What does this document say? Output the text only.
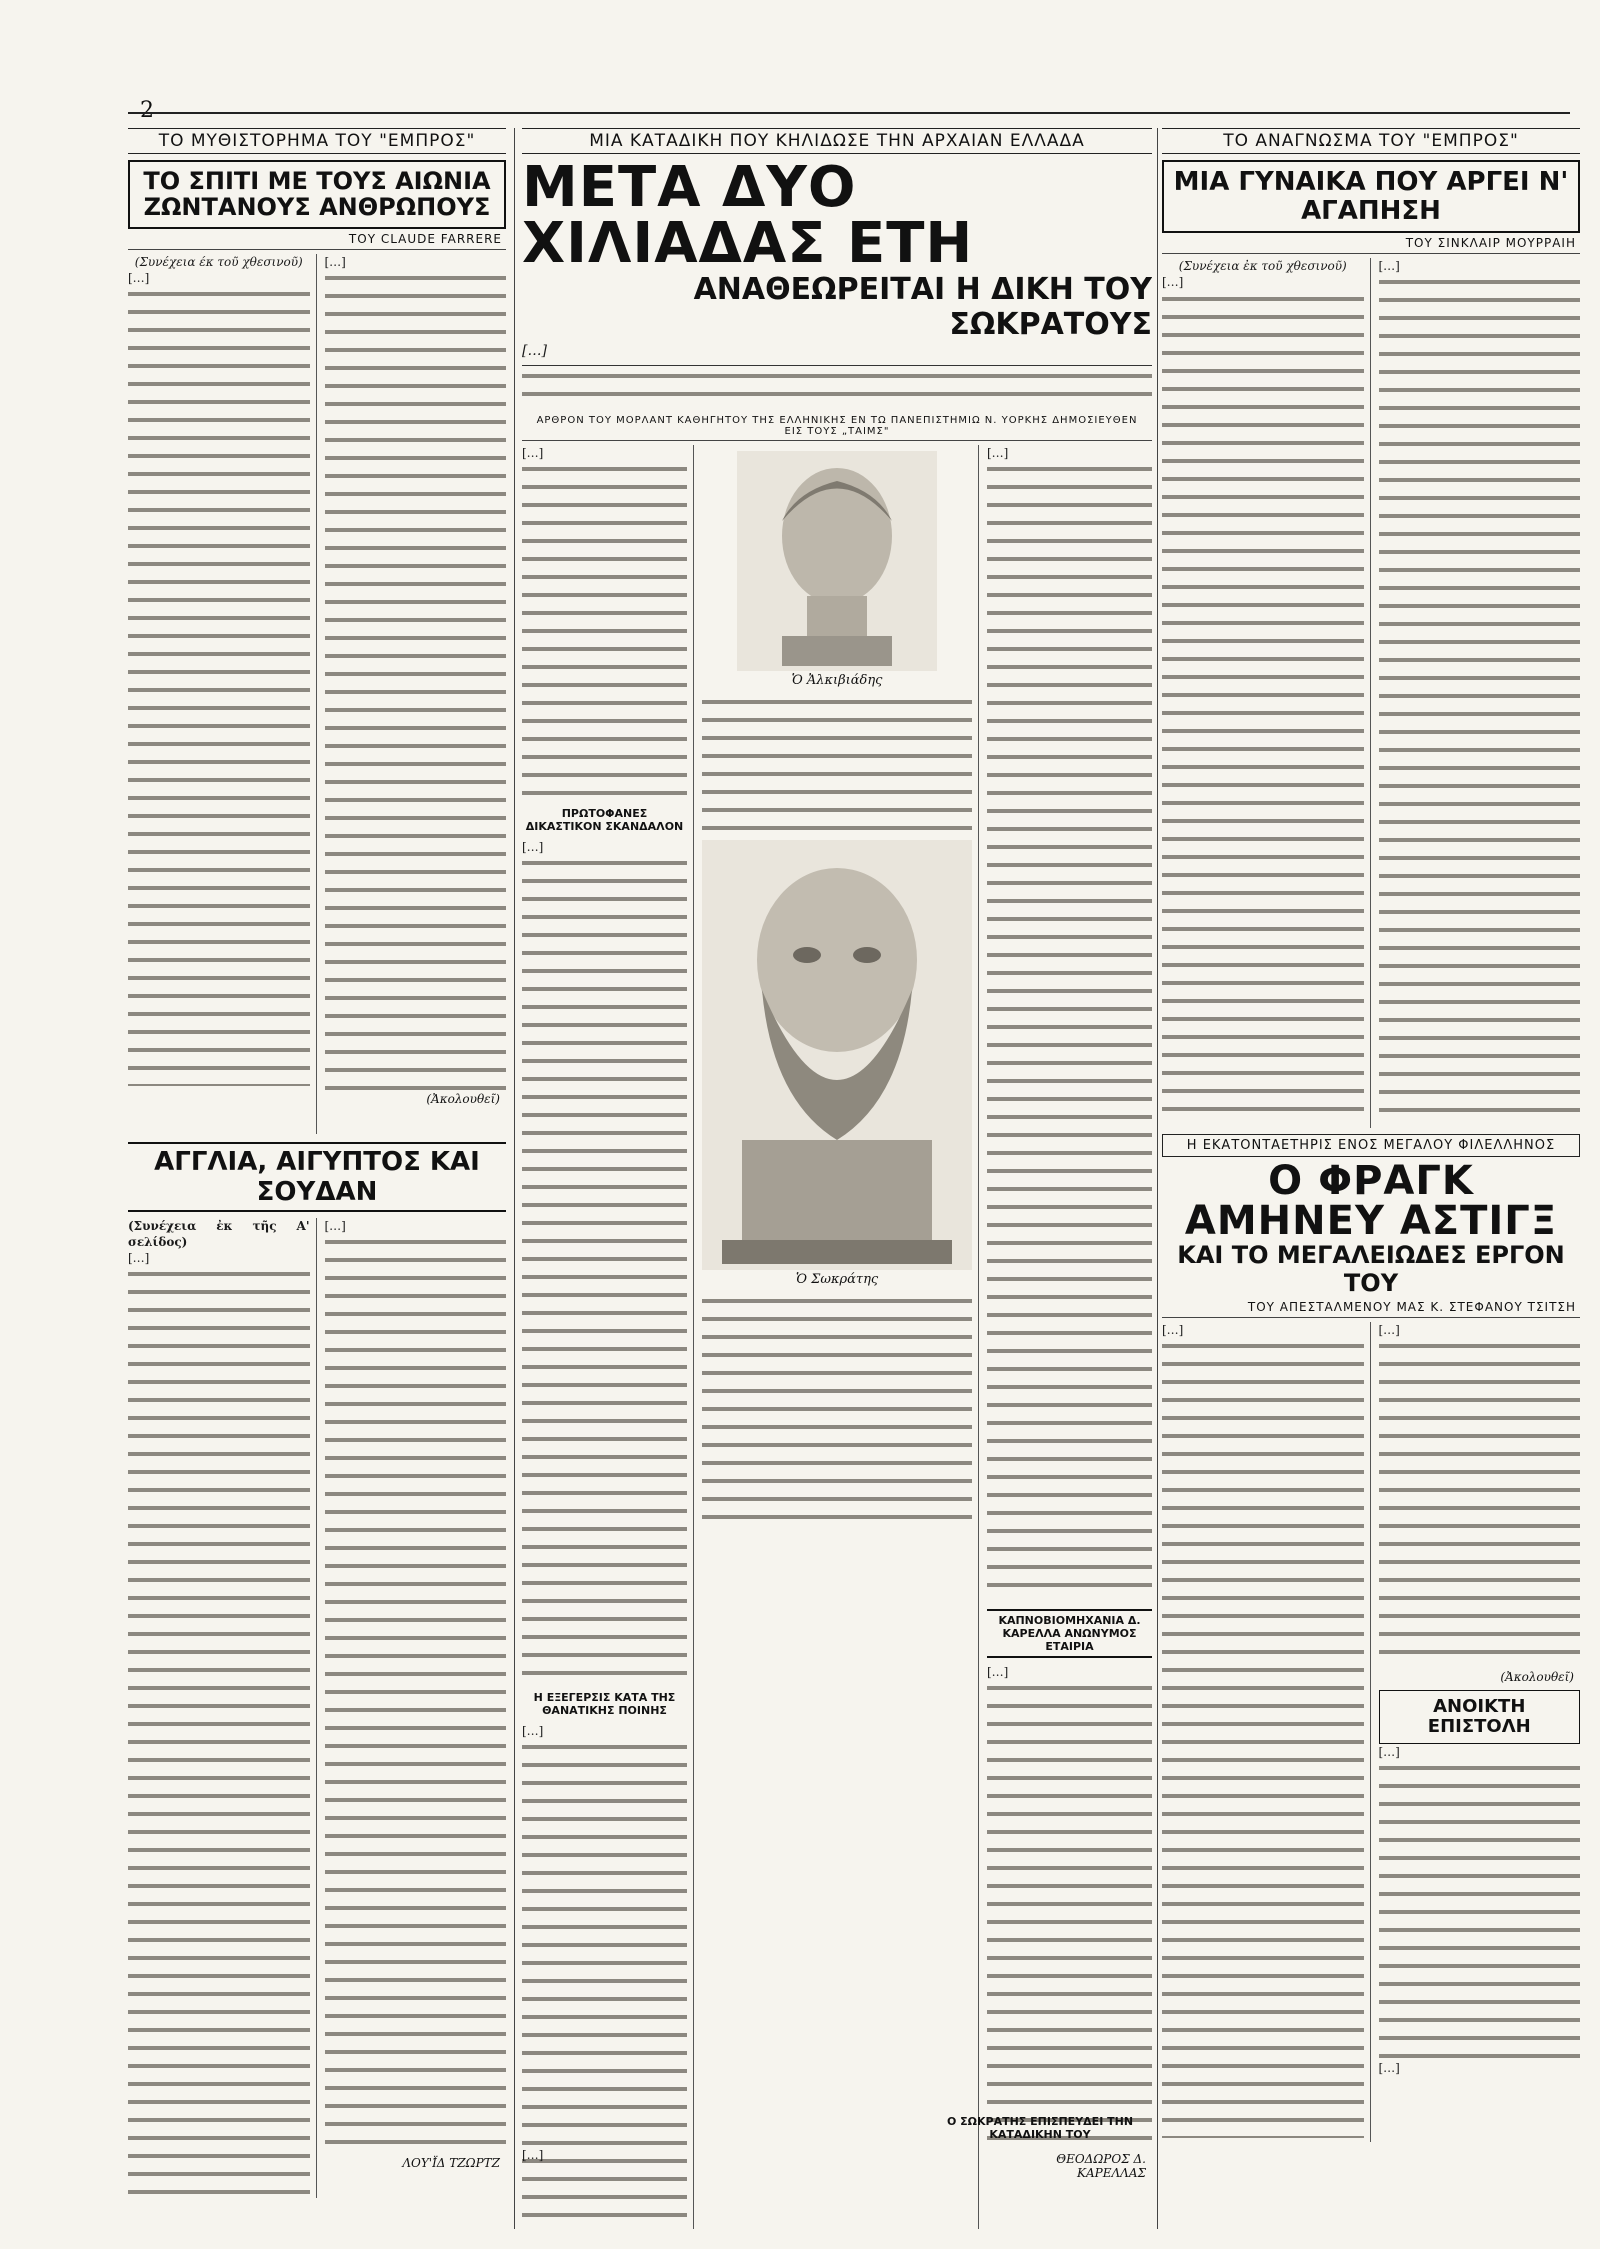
2
ΤΟ ΜΥΘΙΣΤΟΡΗΜΑ ΤΟΥ "ΕΜΠΡΟΣ"
ΤΟ ΣΠΙΤΙ ΜΕ ΤΟΥΣ ΑΙΩΝΙΑ ΖΩΝΤΑΝΟΥΣ ΑΝΘΡΩΠΟΥΣ
ΤΟΥ CLAUDE FARRERE

(Συνέχεια έκ τοῦ χθεσινοῦ)

[…]

[…]

(Ἀκολουθεῖ)
ΑΓΓΛΙΑ, ΑΙΓΥΠΤΟΣ ΚΑΙ ΣΟΥΔΑΝ

(Συνέχεια ἐκ τῆς Α' σελίδος)

[…]

[…]

ΛΟΥ'Ϊ́Δ ΤΖΩΡΤΖ
ΜΙΑ ΚΑΤΑΔΙΚΗ ΠΟΥ ΚΗΛΙΔΩΣΕ ΤΗΝ ΑΡΧΑΙΑΝ ΕΛΛΑΔΑ
ΜΕΤΑ ΔΥΟ ΧΙΛΙΑΔΑΣ ΕΤΗ
ΑΝΑΘΕΩΡΕΙΤΑΙ Η ΔΙΚΗ ΤΟΥ ΣΩΚΡΑΤΟΥΣ

[…]

ΑΡΘΡΟΝ ΤΟΥ ΜΟΡΛΑΝΤ ΚΑΘΗΓΗΤΟΥ ΤΗΣ ΕΛΛΗΝΙΚΗΣ ΕΝ ΤΩ ΠΑΝΕΠΙΣΤΗΜΙΩ Ν. ΥΟΡΚΗΣ ΔΗΜΟΣΙΕΥΘΕΝ ΕΙΣ ΤΟΥΣ „ΤΑΙΜΣ"

[…]

ΠΡΩΤΟΦΑΝΕΣ ΔΙΚΑΣΤΙΚΟΝ ΣΚΑΝΔΑΛΟΝ

[…]

Η ΕΞΕΓΕΡΣΙΣ ΚΑΤΑ ΤΗΣ ΘΑΝΑΤΙΚΗΣ ΠΟΙΝΗΣ

[…]

Ὁ Ἀλκιβιάδης
Ὁ Σωκράτης

[…]

ΚΑΠΝΟΒΙΟΜΗΧΑΝΙΑ Δ. ΚΑΡΕΛΛΑ ΑΝΩΝΥΜΟΣ ΕΤΑΙΡΙΑ

[…]

ΘΕΟΔΩΡΟΣ Δ. ΚΑΡΕΛΛΑΣ
Ο ΣΩΚΡΑΤΗΣ ΕΠΙΣΠΕΥΔΕΙ ΤΗΝ ΚΑΤΑΔΙΚΗΝ ΤΟΥ

[…]

ΤΟ ΑΝΑΓΝΩΣΜΑ ΤΟΥ "ΕΜΠΡΟΣ"
ΜΙΑ ΓΥΝΑΙΚΑ ΠΟΥ ΑΡΓΕΙ Ν' ΑΓΑΠΗΣΗ
ΤΟΥ ΣΙΝΚΛΑΙΡ ΜΟΥΡΡΑΙΗ

(Συνέχεια ἐκ τοῦ χθεσινοῦ)

[…]

[…]

Η ΕΚΑΤΟΝΤΑΕΤΗΡΙΣ ΕΝΟΣ ΜΕΓΑΛΟΥ ΦΙΛΕΛΛΗΝΟΣ
Ο ΦΡΑΓΚ ΑΜΗΝΕΥ ΑΣΤΙΓΞ
ΚΑΙ ΤΟ ΜΕΓΑΛΕΙΩΔΕΣ ΕΡΓΟΝ ΤΟΥ
ΤΟΥ ΑΠΕΣΤΑΛΜΕΝΟΥ ΜΑΣ Κ. ΣΤΕΦΑΝΟΥ ΤΣΙΤΣΗ

[…]	[…]

(Ἀκολουθεῖ)
ΑΝΟΙΚΤΗ ΕΠΙΣΤΟΛΗ

[…]

[…]
